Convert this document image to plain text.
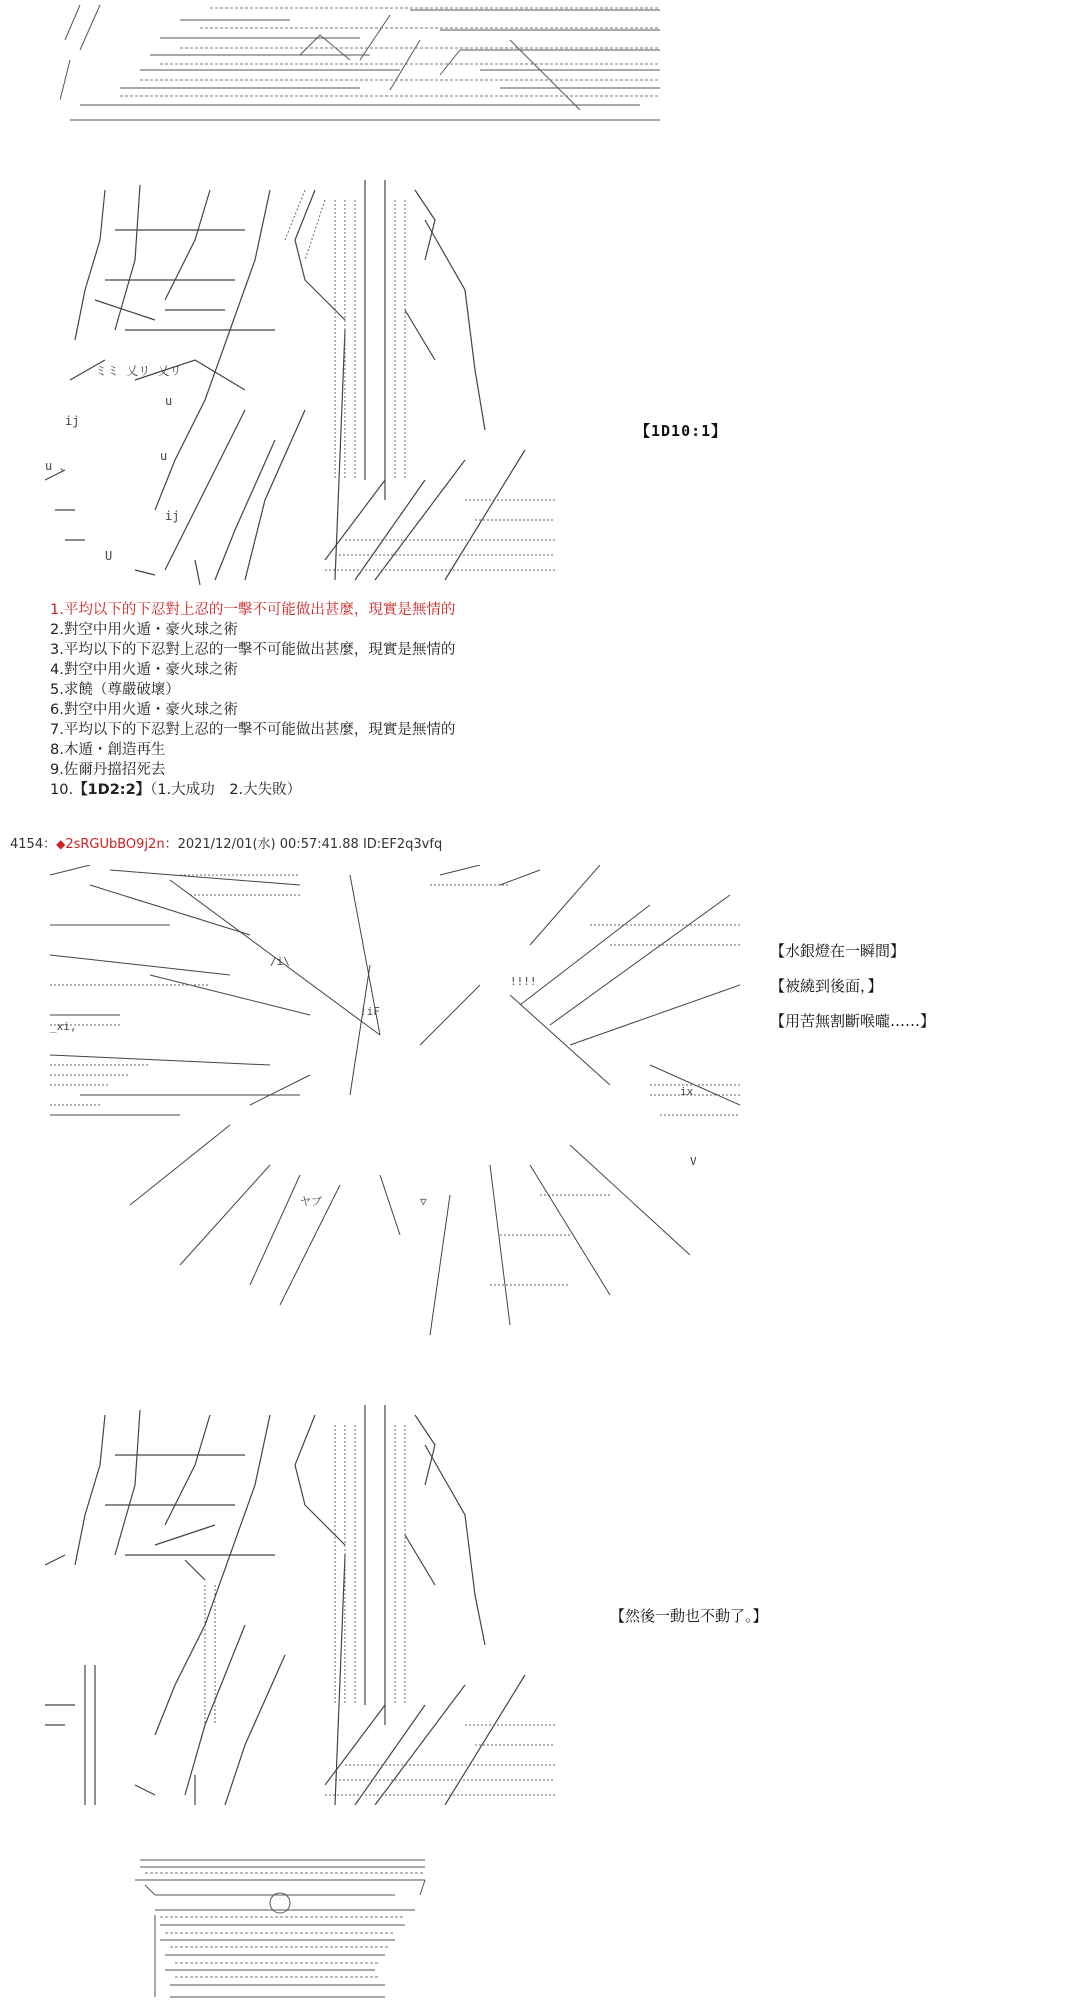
ミミ 乂リ 乂リ
u
ij
u 、
u
ij
U
【1D10:1】
1.平均以下的下忍對上忍的一擊不可能做出甚麼，現實是無情的
2.對空中用火遁・豪火球之術
3.平均以下的下忍對上忍的一擊不可能做出甚麼，現實是無情的
4.對空中用火遁・豪火球之術
5.求饒（尊嚴破壞）
6.對空中用火遁・豪火球之術
7.平均以下的下忍對上忍的一擊不可能做出甚麼，現實是無情的
8.木遁・創造再生
9.佐爾丹擋招死去
10.【1D2:2】（1.大成功　2.大失敗）
4154：◆2sRGUbBO9j2n：2021/12/01(水) 00:57:41.88 ID:EF2q3vfq
_xi,
/i\
!iF
!!!!
ヤブ	▽
ix
V
【水銀燈在一瞬間】
【被繞到後面，】
【用苦無割斷喉嚨……】
【然後一動也不動了。】
